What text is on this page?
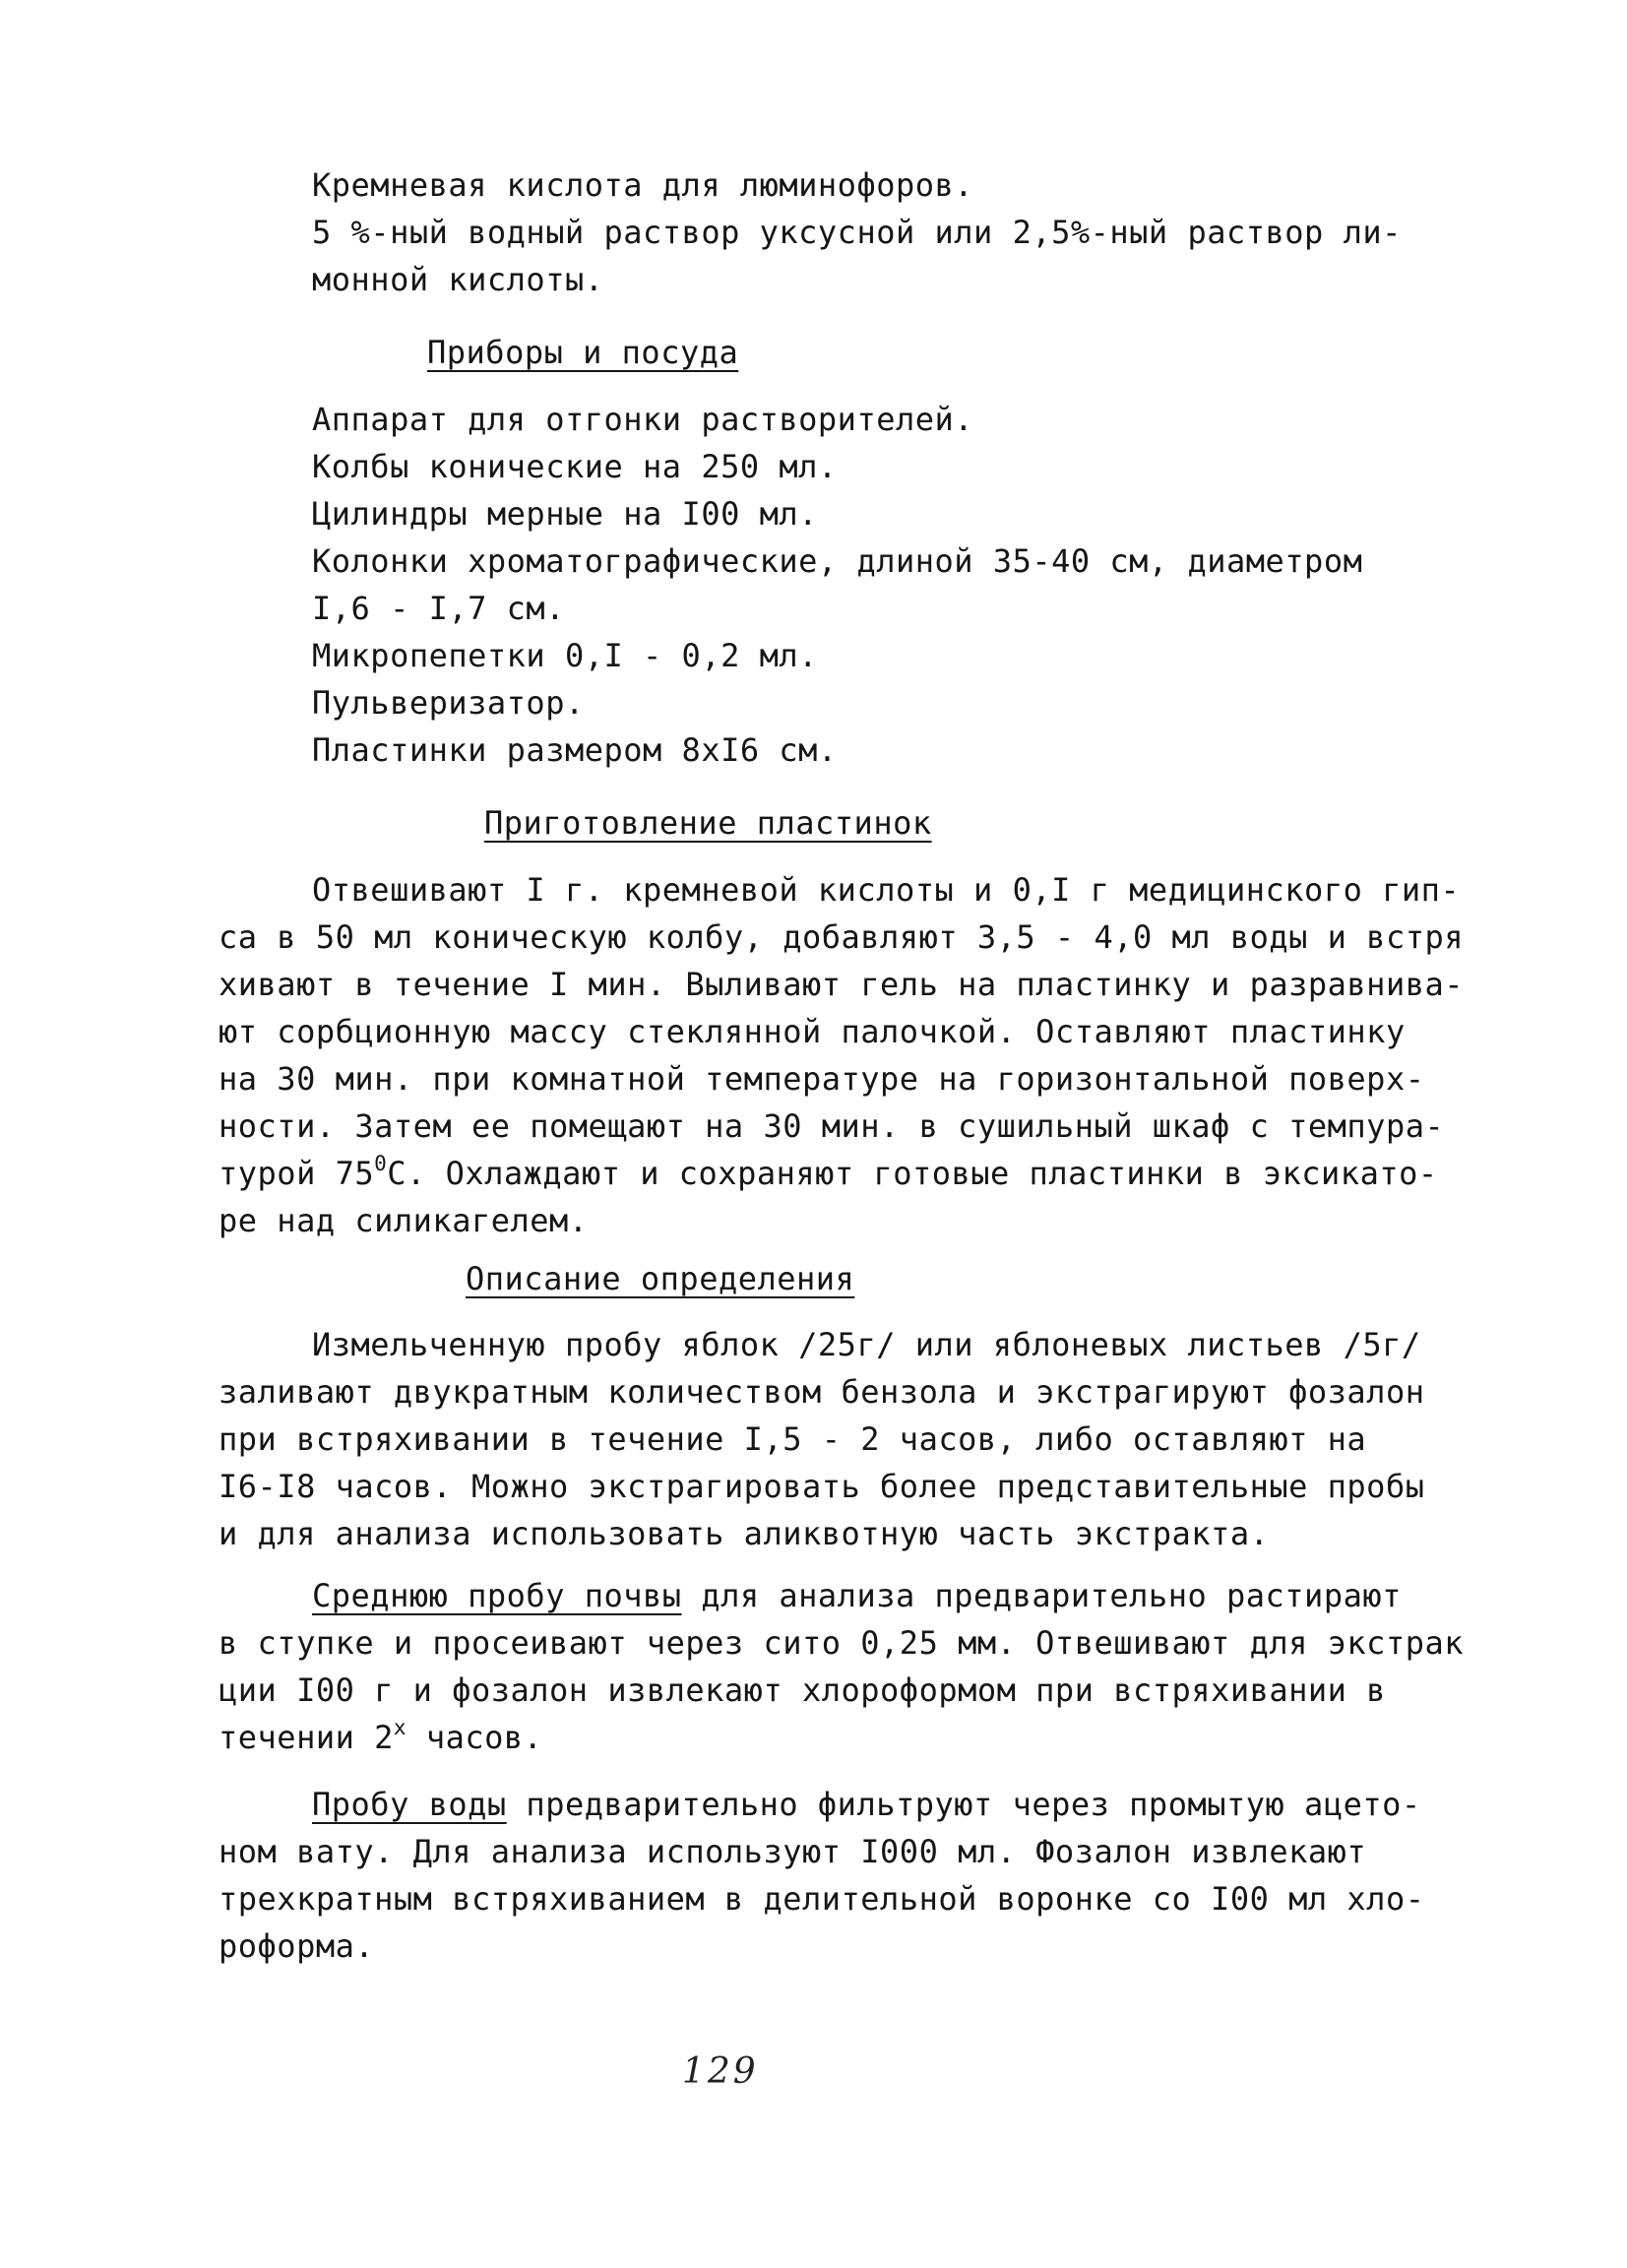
Кремневая кислота для люминофоров.
5 %-ный водный раствор уксусной или 2,5%-ный раствор ли-
монной кислоты.
Приборы и посуда
Аппарат для отгонки растворителей.
Колбы конические на 250 мл.
Цилиндры мерные на I00 мл.
Колонки хроматографические, длиной 35-40 см, диаметром
I,6 - I,7 см.
Микропепетки 0,I - 0,2 мл.
Пульверизатор.
Пластинки размером 8xI6 см.
Приготовление пластинок
Отвешивают I г. кремневой кислоты и 0,I г медицинского гип-
са в 50 мл коническую колбу, добавляют 3,5 - 4,0 мл воды и встря
хивают в течение I мин. Выливают гель на пластинку и разравнива-
ют сорбционную массу стеклянной палочкой. Оставляют пластинку
на 30 мин. при комнатной температуре на горизонтальной поверх-
ности. Затем ее помещают на 30 мин. в сушильный шкаф с темпура-
турой $75^0С$. Охлаждают и сохраняют готовые пластинки в эксикато-
ре над силикагелем.
Описание определения
Измельченную пробу яблок /25г/ или яблоневых листьев /5г/
заливают двукратным количеством бензола и экстрагируют фозалон
при встряхивании в течение I,5 - 2 часов, либо оставляют на
I6-I8 часов. Можно экстрагировать более представительные пробы
и для анализа использовать аликвотную часть экстракта.
Среднюю пробу почвы для анализа предварительно растирают
в ступке и просеивают через сито 0,25 мм. Отвешивают для экстрак
ции I00 г и фозалон извлекают хлороформом при встряхивании в
течении $2^х$ часов.
Пробу воды предварительно фильтруют через промытую ацето-
ном вату. Для анализа используют I000 мл. Фозалон извлекают
трехкратным встряхиванием в делительной воронке со I00 мл хло-
роформа.
129
